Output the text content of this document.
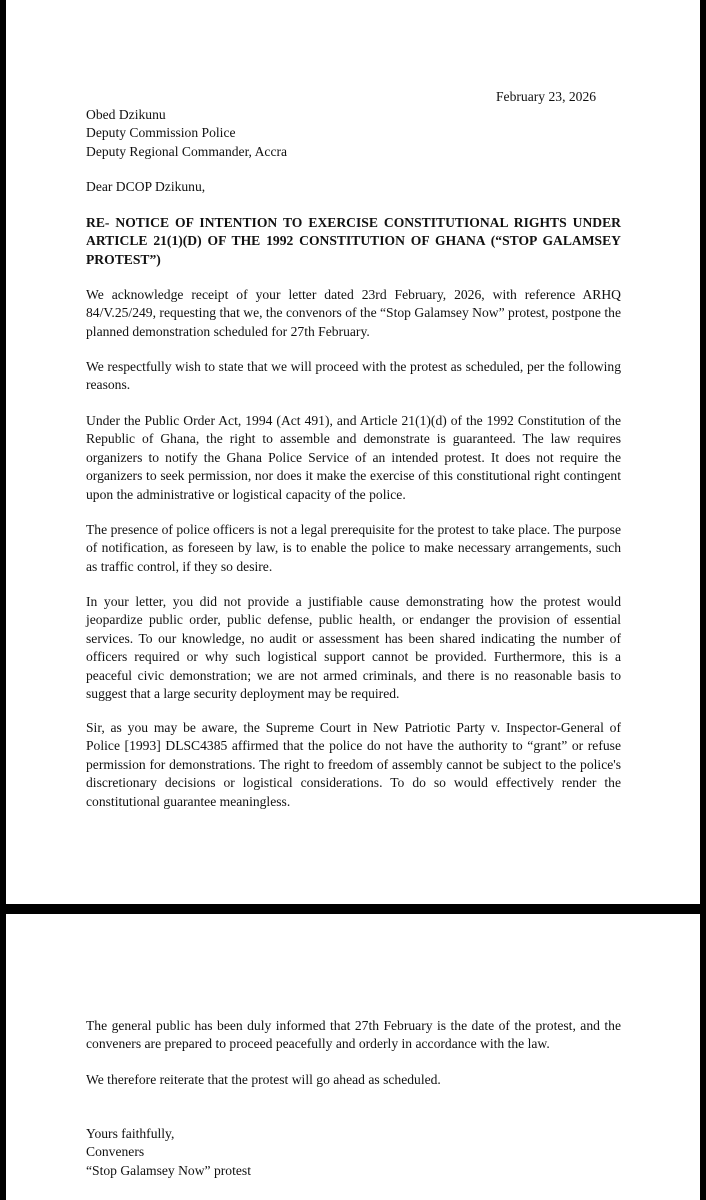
February 23, 2026

Obed Dzikunu
Deputy Commission Police
Deputy Regional Commander, Accra

Dear DCOP Dzikunu,

RE- NOTICE OF INTENTION TO EXERCISE CONSTITUTIONAL RIGHTS UNDER ARTICLE 21(1)(D) OF THE 1992 CONSTITUTION OF GHANA (“STOP GALAMSEY PROTEST”)

We acknowledge receipt of your letter dated 23rd February, 2026, with reference ARHQ 84/V.25/249, requesting that we, the convenors of the “Stop Galamsey Now” protest, postpone the planned demonstration scheduled for 27th February.

We respectfully wish to state that we will proceed with the protest as scheduled, per the following reasons.

Under the Public Order Act, 1994 (Act 491), and Article 21(1)(d) of the 1992 Constitution of the Republic of Ghana, the right to assemble and demonstrate is guaranteed. The law requires organizers to notify the Ghana Police Service of an intended protest. It does not require the organizers to seek permission, nor does it make the exercise of this constitutional right contingent upon the administrative or logistical capacity of the police.

The presence of police officers is not a legal prerequisite for the protest to take place. The purpose of notification, as foreseen by law, is to enable the police to make necessary arrangements, such as traffic control, if they so desire.

In your letter, you did not provide a justifiable cause demonstrating how the protest would jeopardize public order, public defense, public health, or endanger the provision of essential services. To our knowledge, no audit or assessment has been shared indicating the number of officers required or why such logistical support cannot be provided. Furthermore, this is a peaceful civic demonstration; we are not armed criminals, and there is no reasonable basis to suggest that a large security deployment may be required.

Sir, as you may be aware, the Supreme Court in New Patriotic Party v. Inspector-General of Police [1993] DLSC4385 affirmed that the police do not have the authority to “grant” or refuse permission for demonstrations. The right to freedom of assembly cannot be subject to the police's discretionary decisions or logistical considerations. To do so would effectively render the constitutional guarantee meaningless.

The general public has been duly informed that 27th February is the date of the protest, and the conveners are prepared to proceed peacefully and orderly in accordance with the law.

We therefore reiterate that the protest will go ahead as scheduled.

Yours faithfully,
Conveners
“Stop Galamsey Now” protest
